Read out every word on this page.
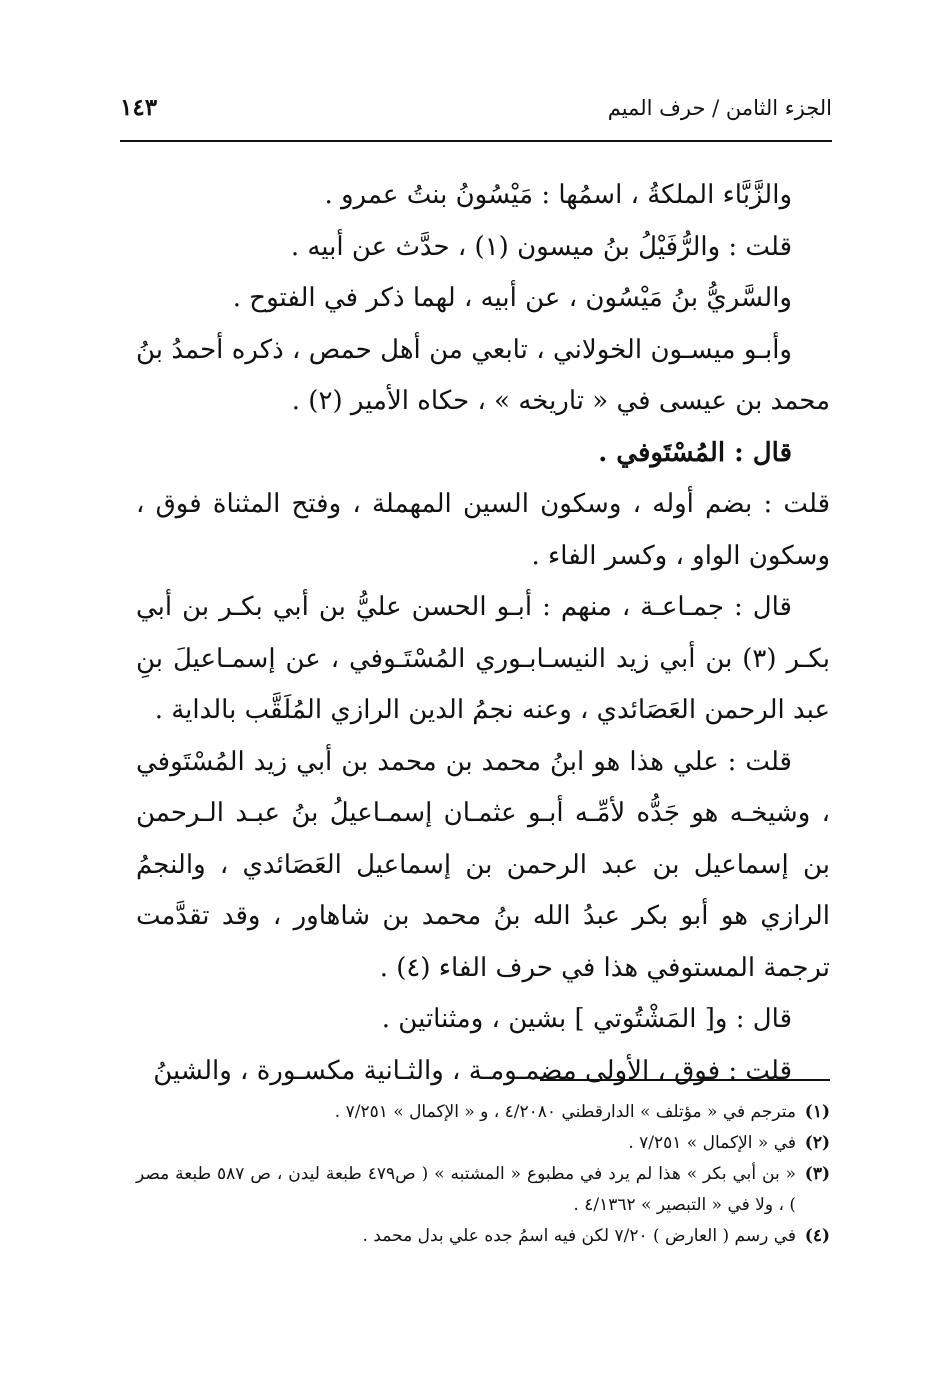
الجزء الثامن / حرف الميم
١٤٣

والزَّبَّاء الملكةُ ، اسمُها : مَيْسُونُ بنتُ عمرو .

قلت : والرُّفَيْلُ بنُ ميسون (١) ، حدَّث عن أبيه .

والسَّريُّ بنُ مَيْسُون ، عن أبيه ، لهما ذكر في الفتوح .

وأبـو ميسـون الخولاني ، تابعي من أهل حمص ، ذكره أحمدُ بنُ محمد بن عيسى في « تاريخه » ، حكاه الأمير (٢) .

قال : المُسْتَوفي .

قلت : بضم أوله ، وسكون السين المهملة ، وفتح المثناة فوق ، وسكون الواو ، وكسر الفاء .

قال : جمـاعـة ، منهم : أبـو الحسن عليُّ بن أبي بكـر بن أبي بكـر (٣) بن أبي زيد النيسـابـوري المُسْتَـوفي ، عن إسمـاعيلَ بنِ عبد الرحمن العَصَائدي ، وعنه نجمُ الدين الرازي المُلَقَّب بالداية .

قلت : علي هذا هو ابنُ محمد بن محمد بن أبي زيد المُسْتَوفي ، وشيخـه هو جَدُّه لأمِّـه أبـو عثمـان إسمـاعيلُ بنُ عبـد الـرحمن بن إسماعيل بن عبد الرحمن بن إسماعيل العَصَائدي ، والنجمُ الرازي هو أبو بكر عبدُ الله بنُ محمد بن شاهاور ، وقد تقدَّمت ترجمة المستوفي هذا في حرف الفاء (٤) .

قال : و[ المَشْتُوتي ] بشين ، ومثناتين .

قلت : فوق ، الأولى مضمـومـة ، والثـانية مكسـورة ، والشينُ

(١)مترجم في « مؤتلف » الدارقطني ٤/٢٠٨٠ ، و « الإكمال » ٧/٢٥١ .

(٢)في « الإكمال » ٧/٢٥١ .

(٣)« بن أبي بكر » هذا لم يرد في مطبوع « المشتبه » ( ص٤٧٩ طبعة ليدن ، ص ٥٨٧ طبعة مصر ) ، ولا في « التبصير » ٤/١٣٦٢ .

(٤)في رسم ( العارض ) ٧/٢٠ لكن فيه اسمُ جده علي بدل محمد .
